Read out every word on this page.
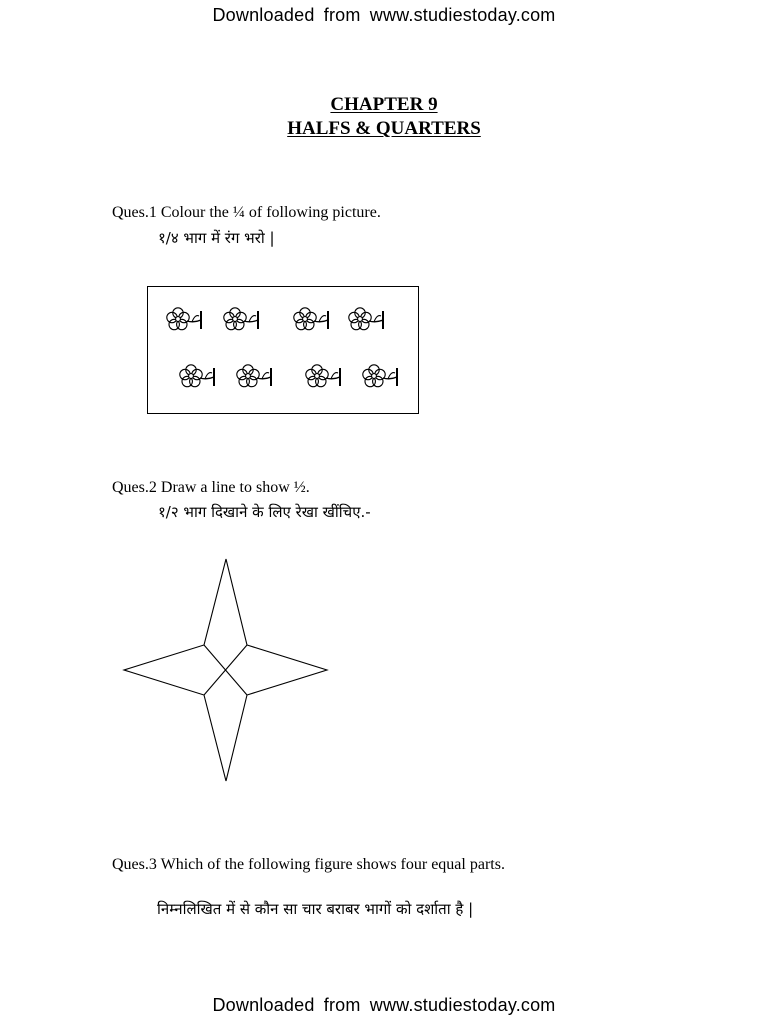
Downloaded from www.studiestoday.com
CHAPTER 9
HALFS & QUARTERS
Ques.1 Colour the ¼ of following picture.
१/४ भाग में रंग भरो |
Ques.2 Draw a line to show ½.
१/२ भाग दिखाने के लिए रेखा खींचिए.-
Ques.3 Which of the following figure shows four equal parts.
निम्नलिखित में से कौन सा चार बराबर भागों को दर्शाता है |
Downloaded from www.studiestoday.com
